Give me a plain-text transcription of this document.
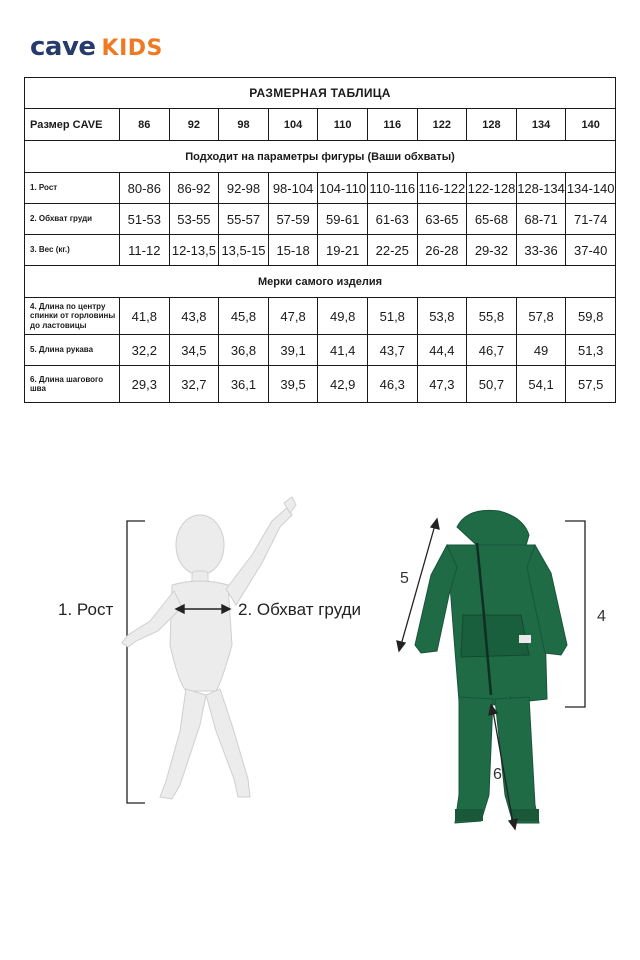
cave KIDS
РАЗМЕРНАЯ ТАБЛИЦА										
Размер CAVE	86	92	98	104	110	116	122	128	134	140
Подходит на параметры фигуры (Ваши обхваты)										
1. Рост	80-86	86-92	92-98	98-104	104-110	110-116	116-122	122-128	128-134	134-140
2. Обхват груди	51-53	53-55	55-57	57-59	59-61	61-63	63-65	65-68	68-71	71-74
3. Вес (кг.)	11-12	12-13,5	13,5-15	15-18	19-21	22-25	26-28	29-32	33-36	37-40
Мерки самого изделия										
4. Длина по центру спинки от горловины до ластовицы	41,8	43,8	45,8	47,8	49,8	51,8	53,8	55,8	57,8	59,8
5. Длина рукава	32,2	34,5	36,8	39,1	41,4	43,7	44,4	46,7	49	51,3
6. Длина шагового шва	29,3	32,7	36,1	39,5	42,9	46,3	47,3	50,7	54,1	57,5
1. Рост	2. Обхват груди
5
4
6
